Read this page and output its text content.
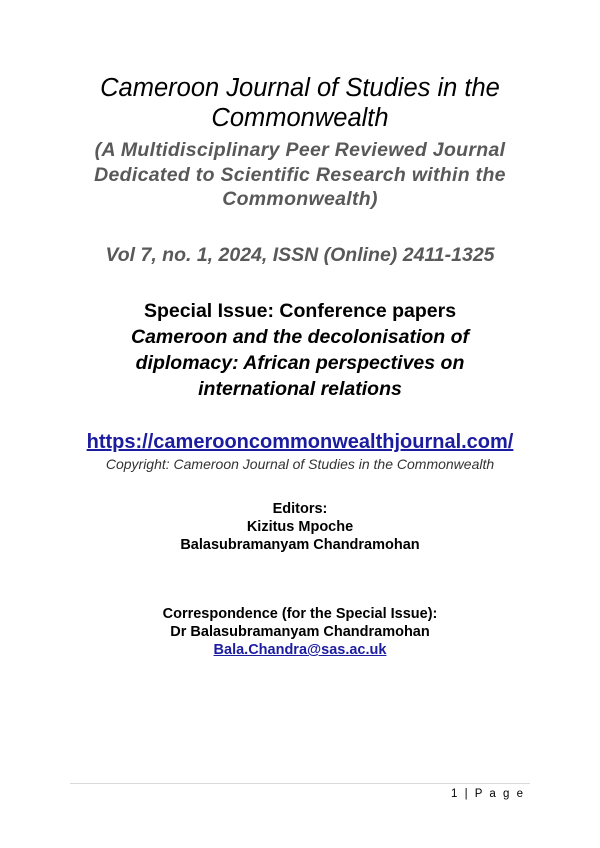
Cameroon Journal of Studies in the
Commonwealth
(A Multidisciplinary Peer Reviewed Journal
Dedicated to Scientific Research within the
Commonwealth)
Vol 7, no. 1, 2024, ISSN (Online) 2411-1325
Special Issue: Conference papers
Cameroon and the decolonisation of
diplomacy: African perspectives on
international relations
https://cameroon​commonwealthjournal.com/
Copyright: Cameroon Journal of Studies in the Commonwealth
Editors:
Kizitus Mpoche
Balasubramanyam Chandramohan
Correspondence (for the Special Issue):
Dr Balasubramanyam Chandramohan
Bala.Chandra@sas.ac.uk
1 | P a g e
